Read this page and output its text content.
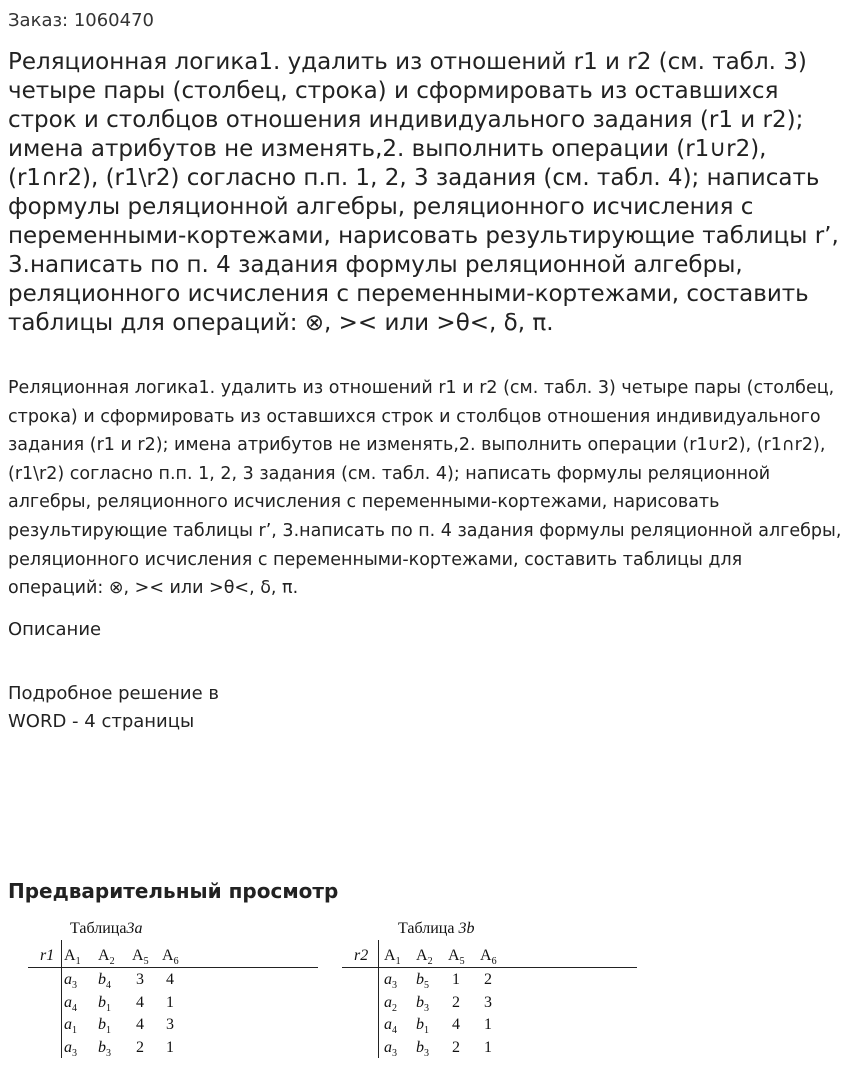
Заказ: 1060470
Реляционная логика1. удалить из отношений r1 и r2 (см. табл. 3) четыре пары (столбец, строка) и сформировать из оставшихся строк и столбцов отношения индивидуального задания (r1 и r2); имена атрибутов не изменять,2. выполнить операции (r1∪r2), (r1∩r2), (r1\r2) согласно п.п. 1, 2, 3 задания (см. табл. 4); написать формулы реляционной алгебры, реляционного исчисления с переменными-кортежами, нарисовать результирующие таблицы r’, 3.написать по п. 4 задания формулы реляционной алгебры, реляционного исчисления с переменными-кортежами, составить таблицы для операций: ⊗, >< или >θ<, δ, π.

Реляционная логика1. удалить из отношений r1 и r2 (см. табл. 3) четыре пары (столбец, строка) и сформировать из оставшихся строк и столбцов отношения индивидуального задания (r1 и r2); имена атрибутов не изменять,2. выполнить операции (r1∪r2), (r1∩r2), (r1\r2) согласно п.п. 1, 2, 3 задания (см. табл. 4); написать формулы реляционной алгебры, реляционного исчисления с переменными-кортежами, нарисовать результирующие таблицы r’, 3.написать по п. 4 задания формулы реляционной алгебры, реляционного исчисления с переменными-кортежами, составить таблицы для операций: ⊗, >< или >θ<, δ, π.

Описание
Подробное решение в WORD - 4 страницы
Предварительный просмотр
Таблица3a
r1 $A_1$ $A_2$ $A_5$ $A_6$
$a_3$ $b_4$ 3 4
$a_4$ $b_1$ 4 1
$a_1$ $b_1$ 4 3
$a_3$ $b_3$ 2 1
Таблица 3b
r2 $A_1$ $A_2$ $A_5$ $A_6$
$a_3$ $b_5$ 1 2
$a_2$ $b_3$ 2 3
$a_4$ $b_1$ 4 1
$a_3$ $b_3$ 2 1
